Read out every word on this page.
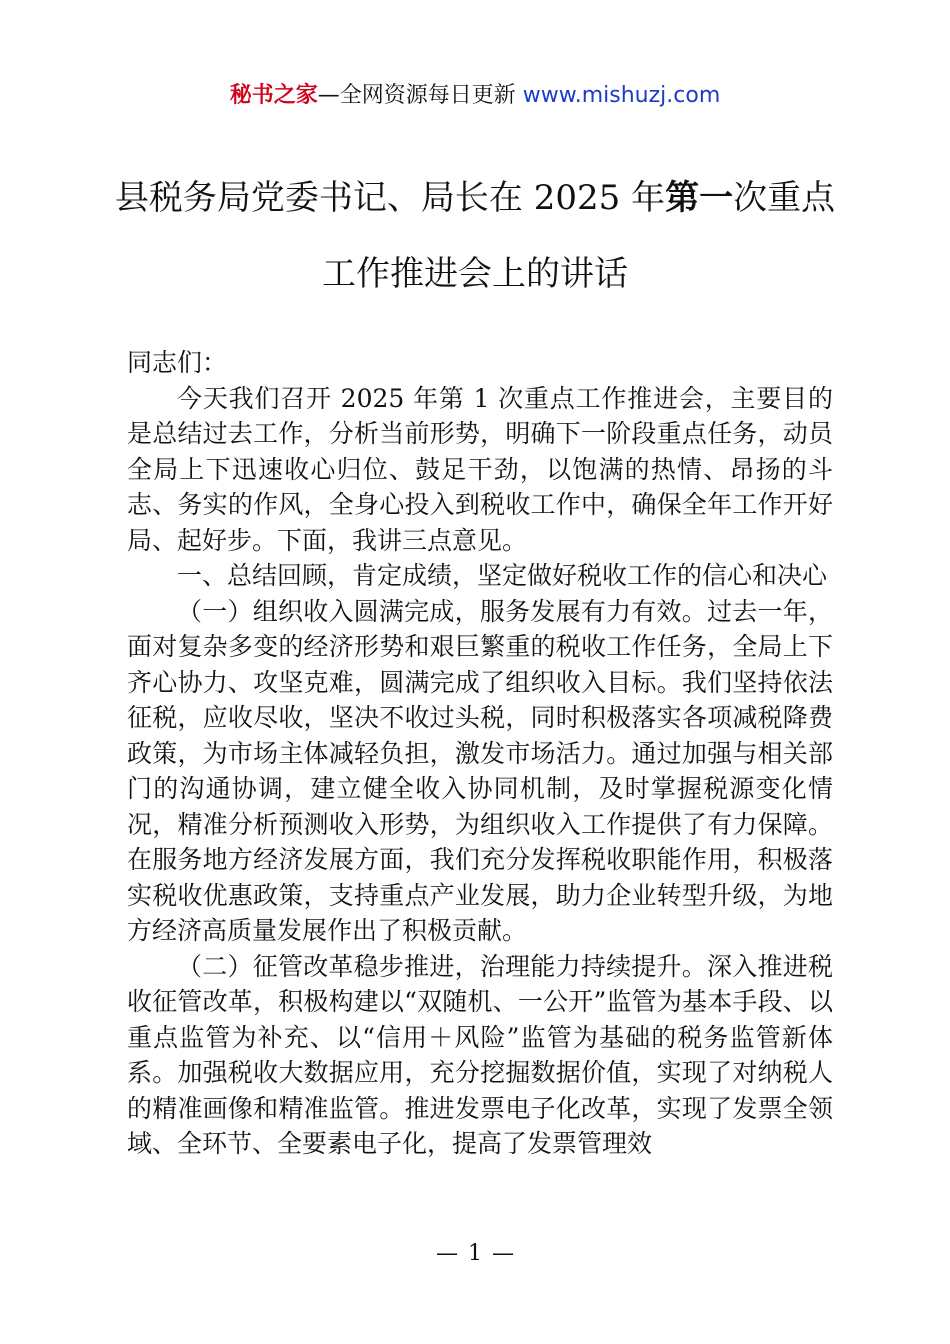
秘书之家—全网资源每日更新 www.mishuzj.com
县税务局党委书记、局长在 2025 年第一次重点工作推进会上的讲话

同志们：

今天我们召开 2025 年第 1 次重点工作推进会，主要目的是总结过去工作，分析当前形势，明确下一阶段重点任务，动员全局上下迅速收心归位、鼓足干劲，以饱满的热情、昂扬的斗志、务实的作风，全身心投入到税收工作中，确保全年工作开好局、起好步。下面，我讲三点意见。

一、总结回顾，肯定成绩，坚定做好税收工作的信心和决心

（一）组织收入圆满完成，服务发展有力有效。过去一年，面对复杂多变的经济形势和艰巨繁重的税收工作任务，全局上下齐心协力、攻坚克难，圆满完成了组织收入目标。我们坚持依法征税，应收尽收，坚决不收过头税，同时积极落实各项减税降费政策，为市场主体减轻负担，激发市场活力。通过加强与相关部门的沟通协调，建立健全收入协同机制，及时掌握税源变化情况，精准分析预测收入形势，为组织收入工作提供了有力保障。在服务地方经济发展方面，我们充分发挥税收职能作用，积极落实税收优惠政策，支持重点产业发展，助力企业转型升级，为地方经济高质量发展作出了积极贡献。

（二）征管改革稳步推进，治理能力持续提升。深入推进税收征管改革，积极构建以“双随机、一公开”监管为基本手段、以重点监管为补充、以“信用＋风险”监管为基础的税务监管新体系。加强税收大数据应用，充分挖掘数据价值，实现了对纳税人的精准画像和精准监管。推进发票电子化改革，实现了发票全领域、全环节、全要素电子化，提高了发票管理效

— 1 —
